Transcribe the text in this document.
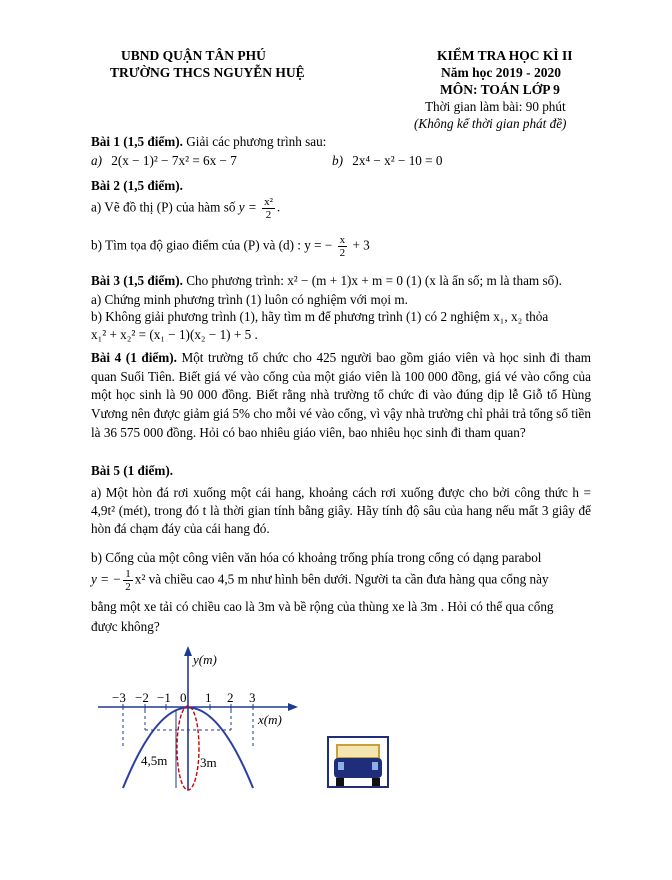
UBND QUẬN TÂN PHÚ
TRƯỜNG THCS NGUYỄN HUỆ
KIỂM TRA HỌC KÌ II
Năm học 2019 - 2020
MÔN: TOÁN LỚP 9
Thời gian làm bài: 90 phút
(Không kể thời gian phát đề)
Bài 1 (1,5 điểm). Giải các phương trình sau:
a) 2(x − 1)² − 7x² = 6x − 7	b) 2x⁴ − x² − 10 = 0
Bài 2 (1,5 điểm).
a) Vẽ đồ thị (P) của hàm số $y = \frac{\text{x²}}{2}$ .
b) Tìm tọa độ giao điểm của (P) và (d) : y = − $\frac{x}{2} + 3$
Bài 3 (1,5 điểm). Cho phương trình: x² − (m + 1)x + m = 0 (1) (x là ẩn số; m là tham số).
a) Chứng minh phương trình (1) luôn có nghiệm với mọi m.
b) Không giải phương trình (1), hãy tìm m để phương trình (1) có 2 nghiệm x₁, x₂ thỏa
x₁² + x₂² = (x₁ − 1)(x₂ − 1) + 5 .
Bài 4 (1 điểm). Một trường tổ chức cho 425 người bao gồm giáo viên và học sinh đi tham quan Suối Tiên. Biết giá vé vào cổng của một giáo viên là 100 000 đồng, giá vé vào cổng của một học sinh là 90 000 đồng. Biết rằng nhà trường tổ chức đi vào đúng dịp lễ Giỗ tổ Hùng Vương nên được giảm giá 5% cho mỗi vé vào cổng, vì vậy nhà trường chỉ phải trả tổng số tiền là 36 575 000 đồng. Hỏi có bao nhiêu giáo viên, bao nhiêu học sinh đi tham quan?
Bài 5 (1 điểm).
a) Một hòn đá rơi xuống một cái hang, khoảng cách rơi xuống được cho bởi công thức h = 4,9t² (mét), trong đó t là thời gian tính bằng giây. Hãy tính độ sâu của hang nếu mất 3 giây để hòn đá chạm đáy của cái hang đó.
b) Cổng của một công viên văn hóa có khoảng trống phía trong cổng có dạng parabol
y = − $\frac{1}{2} x^2$ và chiều cao 4,5 m như hình bên dưới. Người ta cần đưa hàng qua cổng này
bằng một xe tải có chiều cao là 3m và bề rộng của thùng xe là 3m . Hỏi có thể qua cổng
được không?
y(m)
x(m)
−3 −2 −1 0 1 2 3
4,5m	3m
